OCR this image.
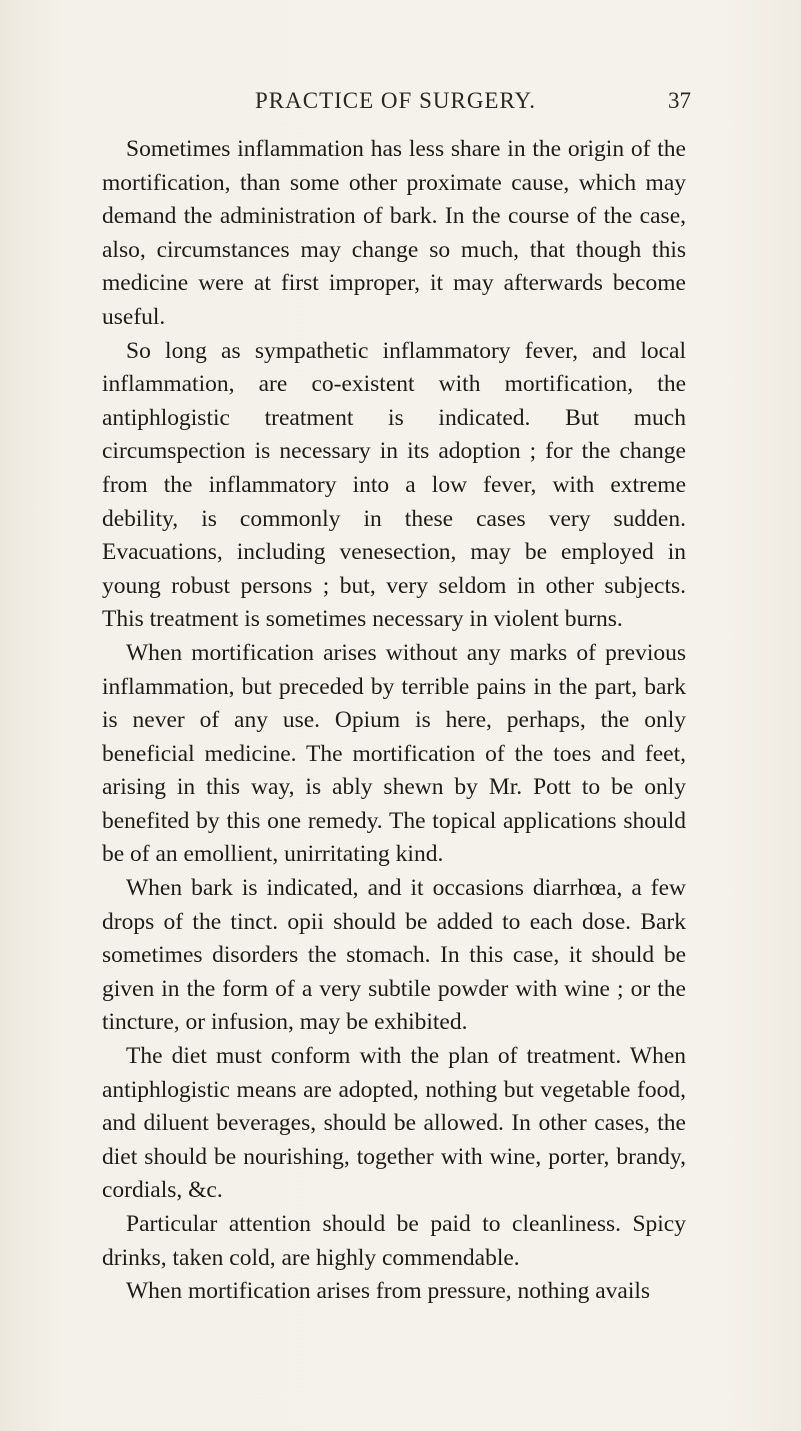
PRACTICE OF SURGERY.	37

Sometimes inflammation has less share in the origin of the mortification, than some other proximate cause, which may demand the administration of bark. In the course of the case, also, circumstances may change so much, that though this medicine were at first improper, it may afterwards become useful.

So long as sympathetic inflammatory fever, and local inflammation, are co-existent with mortification, the antiphlogistic treatment is indicated. But much circumspection is necessary in its adoption ; for the change from the inflammatory into a low fever, with extreme debility, is commonly in these cases very sudden. Evacuations, including venesection, may be employed in young robust persons ; but, very seldom in other subjects. This treatment is sometimes necessary in violent burns.

When mortification arises without any marks of previous inflammation, but preceded by terrible pains in the part, bark is never of any use. Opium is here, perhaps, the only beneficial medicine. The mortification of the toes and feet, arising in this way, is ably shewn by Mr. Pott to be only benefited by this one remedy. The topical applications should be of an emollient, unirritating kind.

When bark is indicated, and it occasions diarrhœa, a few drops of the tinct. opii should be added to each dose. Bark sometimes disorders the stomach. In this case, it should be given in the form of a very subtile powder with wine ; or the tincture, or infusion, may be exhibited.

The diet must conform with the plan of treatment. When antiphlogistic means are adopted, nothing but vegetable food, and diluent beverages, should be allowed. In other cases, the diet should be nourishing, together with wine, porter, brandy, cordials, &c.

Particular attention should be paid to cleanliness. Spicy drinks, taken cold, are highly commendable.

When mortification arises from pressure, nothing avails
